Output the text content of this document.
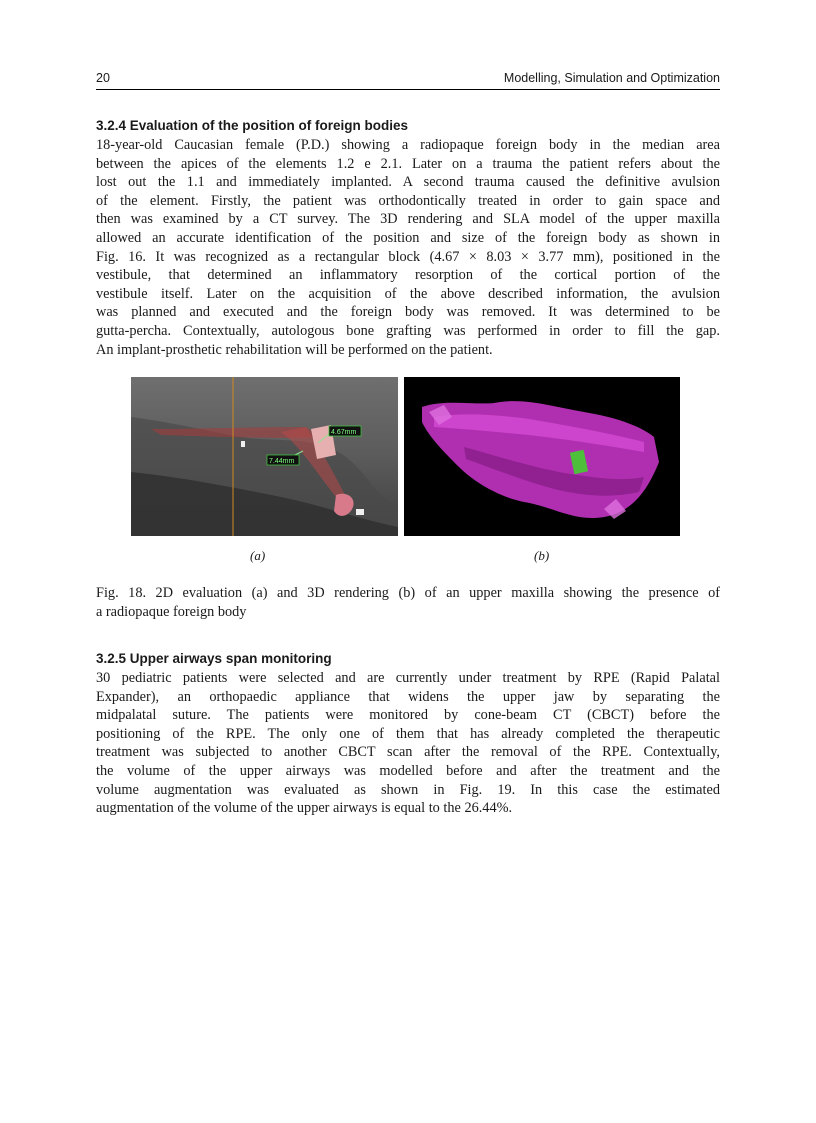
20	Modelling, Simulation and Optimization
3.2.4 Evaluation of the position of foreign bodies
18-year-old Caucasian female (P.D.) showing a radiopaque foreign body in the median area
between the apices of the elements 1.2 e 2.1. Later on a trauma the patient refers about the
lost out the 1.1 and immediately implanted. A second trauma caused the definitive avulsion
of the element. Firstly, the patient was orthodontically treated in order to gain space and
then was examined by a CT survey. The 3D rendering and SLA model of the upper maxilla
allowed an accurate identification of the position and size of the foreign body as shown in
Fig. 16. It was recognized as a rectangular block (4.67 × 8.03 × 3.77 mm), positioned in the
vestibule, that determined an inflammatory resorption of the cortical portion of the
vestibule itself. Later on the acquisition of the above described information, the avulsion
was planned and executed and the foreign body was removed. It was determined to be
gutta-percha. Contextually, autologous bone grafting was performed in order to fill the gap.
An implant-prosthetic rehabilitation will be performed on the patient.
4.67mm
7.44mm
(a)	(b)
Fig. 18. 2D evaluation (a) and 3D rendering (b) of an upper maxilla showing the presence of
a radiopaque foreign body
3.2.5 Upper airways span monitoring
30 pediatric patients were selected and are currently under treatment by RPE (Rapid Palatal
Expander), an orthopaedic appliance that widens the upper jaw by separating the
midpalatal suture. The patients were monitored by cone-beam CT (CBCT) before the
positioning of the RPE. The only one of them that has already completed the therapeutic
treatment was subjected to another CBCT scan after the removal of the RPE. Contextually,
the volume of the upper airways was modelled before and after the treatment and the
volume augmentation was evaluated as shown in Fig. 19. In this case the estimated
augmentation of the volume of the upper airways is equal to the 26.44%.
